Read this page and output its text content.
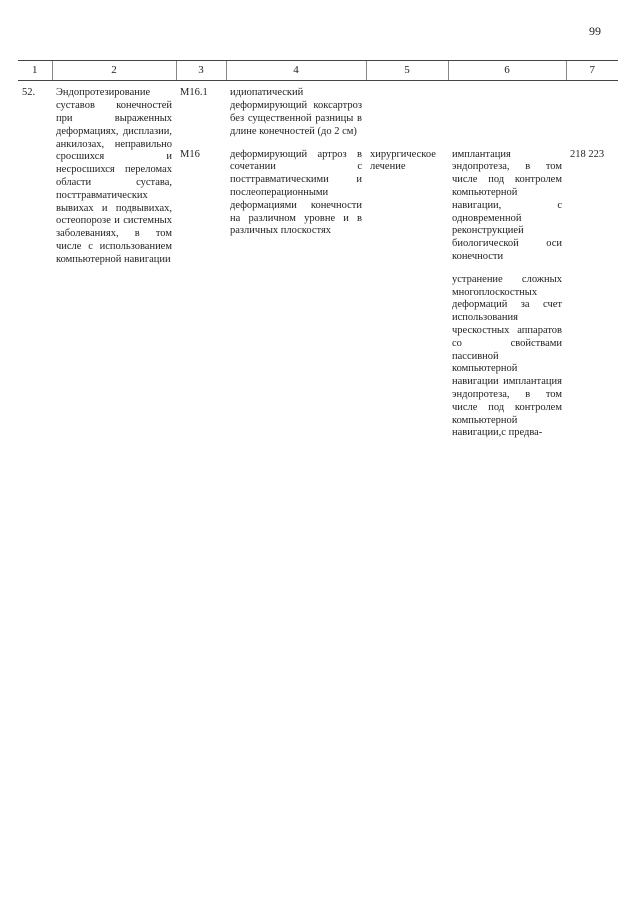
99
1	2	3	4	5	6	7
52.	Эндопротезирование суставов конечностей при выраженных деформациях, дисплазии, анкилозах, неправильно сросшихся и несросшихся переломах области сустава, посттравматических вывихах и подвывихах, остеопорозе и системных заболеваниях, в том числе с использованием компьютерной навигации	M16.1	идиопатический деформирующий коксартроз без существенной разницы в длине конечностей (до 2 см)			
		M16	деформирующий артроз в сочетании с посттравматическими и послеоперационными деформациями конечности на различном уровне и в различных плоскостях	хирургическое лечение	имплантация эндопротеза, в том числе под контролем компьютерной навигации, с одновременной реконструкцией биологической оси конечности	218 223
					устранение сложных многоплоскостных деформаций за счет использования чрескостных аппаратов со свойствами пассивной компьютерной навигации имплантация эндопротеза, в том числе под контролем компьютерной навигации,с предва-	
